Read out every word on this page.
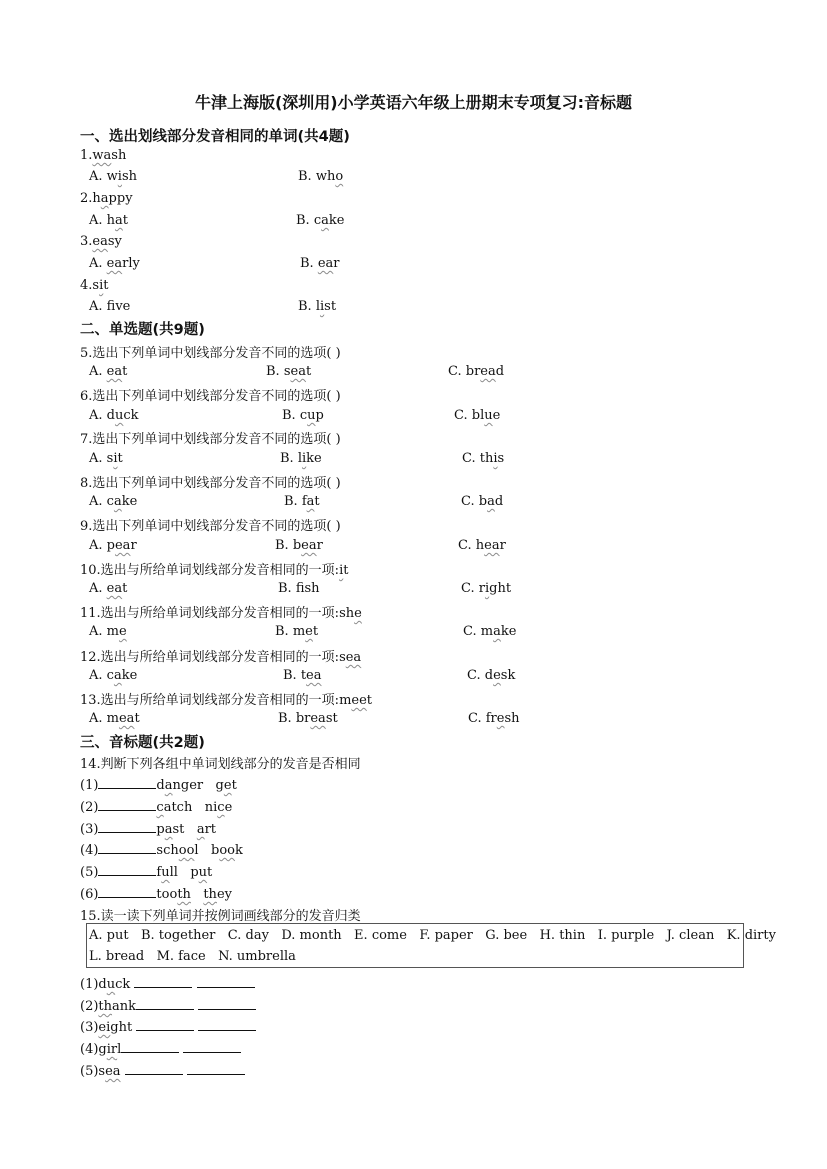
牛津上海版(深圳用)小学英语六年级上册期末专项复习:音标题
一、选出划线部分发音相同的单词(共4题)
1.wash
A. wish	B. who
2.happy
A. hat	B. cake
3.easy
A. early	B. ear
4.sit
A. fve	B. list
二、单选题(共9题)
5.选出下列单词中划线部分发音不同的选项( )
A. eat	B. seat	C. bread
6.选出下列单词中划线部分发音不同的选项( )
A. duck	B. cup	C. blue
7.选出下列单词中划线部分发音不同的选项( )
A. sit	B. like	C. this
8.选出下列单词中划线部分发音不同的选项( )
A. cake	B. fat	C. bad
9.选出下列单词中划线部分发音不同的选项( )
A. pear	B. bear	C. hear
10.选出与所给单词划线部分发音相同的一项:it
A. eat	B. fsh	C. right
11.选出与所给单词划线部分发音相同的一项:she
A. me	B. met	C. make
12.选出与所给单词划线部分发音相同的一项:sea
A. cake	B. tea	C. desk
13.选出与所给单词划线部分发音相同的一项:meet
A. meat	B. breast	C. fresh
三、音标题(共2题)
14.判断下列各组中单词划线部分的发音是否相同
(1)	danger get
(2)	catch nice
(3)	past art
(4)	school book
(5)	full put
(6)	tooth they
15.读一读下列单词并按例词画线部分的发音归类
A. put   B. together   C. day   D. month   E. come   F. paper   G. bee   H. thin   I. purple   J. clean   K. dirty
L. bread   M. face   N. umbrella
(1)duck
(2)thank
(3)eight
(4)girl
(5)sea
